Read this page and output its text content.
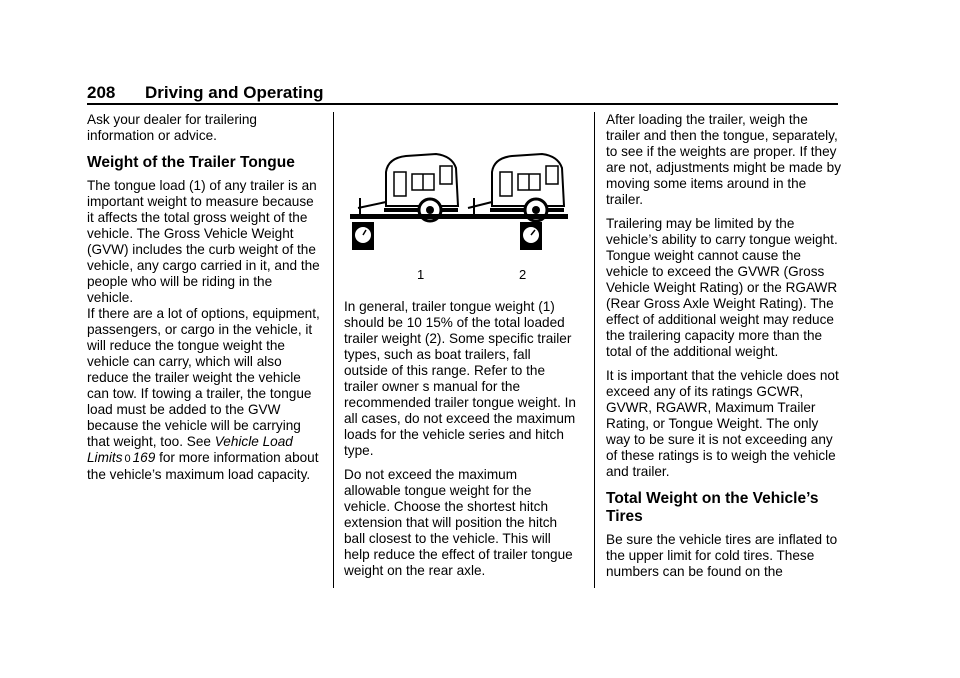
208 Driving and Operating

Ask your dealer for trailering information or advice.

Weight of the Trailer Tongue

The tongue load (1) of any trailer is an important weight to measure because it affects the total gross weight of the vehicle. The Gross Vehicle Weight (GVW) includes the curb weight of the vehicle, any cargo carried in it, and the people who will be riding in the vehicle.

If there are a lot of options, equipment, passengers, or cargo in the vehicle, it will reduce the tongue weight the vehicle can carry, which will also reduce the trailer weight the vehicle can tow. If towing a trailer, the tongue load must be added to the GVW because the vehicle will be carrying that weight, too. See Vehicle Load Limits 0 169 for more information about the vehicle’s maximum load capacity.

1	2

In general, trailer tongue weight (1) should be 10 15% of the total loaded trailer weight (2). Some specific trailer types, such as boat trailers, fall outside of this range. Refer to the trailer owner s manual for the recommended trailer tongue weight. In all cases, do not exceed the maximum loads for the vehicle series and hitch type.

Do not exceed the maximum allowable tongue weight for the vehicle. Choose the shortest hitch extension that will position the hitch ball closest to the vehicle. This will help reduce the effect of trailer tongue weight on the rear axle.

After loading the trailer, weigh the trailer and then the tongue, separately, to see if the weights are proper. If they are not, adjustments might be made by moving some items around in the trailer.

Trailering may be limited by the vehicle’s ability to carry tongue weight. Tongue weight cannot cause the vehicle to exceed the GVWR (Gross Vehicle Weight Rating) or the RGAWR (Rear Gross Axle Weight Rating). The effect of additional weight may reduce the trailering capacity more than the total of the additional weight.

It is important that the vehicle does not exceed any of its ratings GCWR, GVWR, RGAWR, Maximum Trailer Rating, or Tongue Weight. The only way to be sure it is not exceeding any of these ratings is to weigh the vehicle and trailer.

Total Weight on the Vehicle’s Tires

Be sure the vehicle tires are inflated to the upper limit for cold tires. These numbers can be found on the
